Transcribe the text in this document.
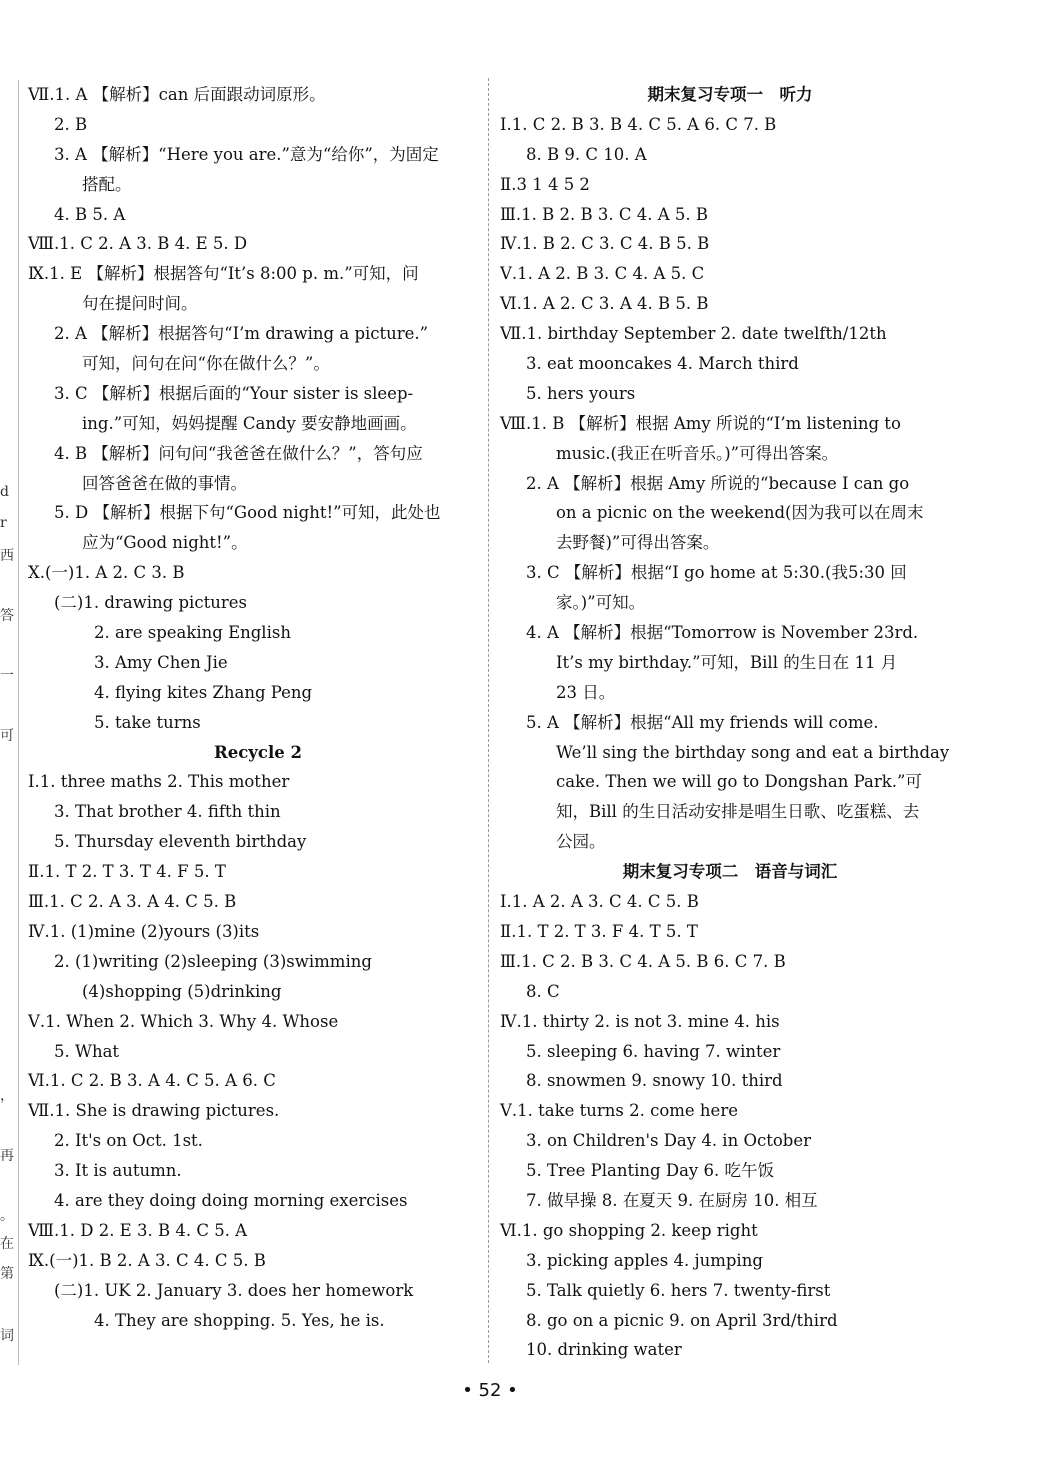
d
r
西
答
一
可
，
再
。
在
第
词
Ⅶ.1. A 【解析】can 后面跟动词原形。
2. B
3. A 【解析】“Here you are.”意为“给你”，为固定
搭配。
4. B 5. A
Ⅷ.1. C 2. A 3. B 4. E 5. D
Ⅸ.1. E 【解析】根据答句“It’s 8:00 p. m.”可知，问
句在提问时间。
2. A 【解析】根据答句“I’m drawing a picture.”
可知，问句在问“你在做什么？”。
3. C 【解析】根据后面的“Your sister is sleep-
ing.”可知，妈妈提醒 Candy 要安静地画画。
4. B 【解析】问句问“我爸爸在做什么？”，答句应
回答爸爸在做的事情。
5. D 【解析】根据下句“Good night!”可知，此处也
应为“Good night!”。
Ⅹ.(一)1. A 2. C 3. B
(二)1. drawing pictures
2. are speaking English
3. Amy Chen Jie
4. flying kites Zhang Peng
5. take turns
Recycle 2
Ⅰ.1. three maths 2. This mother
3. That brother 4. fifth thin
5. Thursday eleventh birthday
Ⅱ.1. T 2. T 3. T 4. F 5. T
Ⅲ.1. C 2. A 3. A 4. C 5. B
Ⅳ.1. (1)mine (2)yours (3)its
2. (1)writing (2)sleeping (3)swimming
(4)shopping (5)drinking
Ⅴ.1. When 2. Which 3. Why 4. Whose
5. What
Ⅵ.1. C 2. B 3. A 4. C 5. A 6. C
Ⅶ.1. She is drawing pictures.
2. It's on Oct. 1st.
3. It is autumn.
4. are they doing doing morning exercises
Ⅷ.1. D 2. E 3. B 4. C 5. A
Ⅸ.(一)1. B 2. A 3. C 4. C 5. B
(二)1. UK 2. January 3. does her homework
4. They are shopping. 5. Yes, he is.
期末复习专项一　听力
Ⅰ.1. C 2. B 3. B 4. C 5. A 6. C 7. B
8. B 9. C 10. A
Ⅱ.3 1 4 5 2
Ⅲ.1. B 2. B 3. C 4. A 5. B
Ⅳ.1. B 2. C 3. C 4. B 5. B
Ⅴ.1. A 2. B 3. C 4. A 5. C
Ⅵ.1. A 2. C 3. A 4. B 5. B
Ⅶ.1. birthday September 2. date twelfth/12th
3. eat mooncakes 4. March third
5. hers yours
Ⅷ.1. B 【解析】根据 Amy 所说的“I’m listening to
music.(我正在听音乐。)”可得出答案。
2. A 【解析】根据 Amy 所说的“because I can go
on a picnic on the weekend(因为我可以在周末
去野餐)”可得出答案。
3. C 【解析】根据“I go home at 5:30.(我5:30 回
家。)”可知。
4. A 【解析】根据“Tomorrow is November 23rd.
It’s my birthday.”可知，Bill 的生日在 11 月
23 日。
5. A 【解析】根据“All my friends will come.
We’ll sing the birthday song and eat a birthday
cake. Then we will go to Dongshan Park.”可
知，Bill 的生日活动安排是唱生日歌、吃蛋糕、去
公园。
期末复习专项二　语音与词汇
Ⅰ.1. A 2. A 3. C 4. C 5. B
Ⅱ.1. T 2. T 3. F 4. T 5. T
Ⅲ.1. C 2. B 3. C 4. A 5. B 6. C 7. B
8. C
Ⅳ.1. thirty 2. is not 3. mine 4. his
5. sleeping 6. having 7. winter
8. snowmen 9. snowy 10. third
Ⅴ.1. take turns 2. come here
3. on Children's Day 4. in October
5. Tree Planting Day 6. 吃午饭
7. 做早操 8. 在夏天 9. 在厨房 10. 相互
Ⅵ.1. go shopping 2. keep right
3. picking apples 4. jumping
5. Talk quietly 6. hers 7. twenty-first
8. go on a picnic 9. on April 3rd/third
10. drinking water
• 52 •
